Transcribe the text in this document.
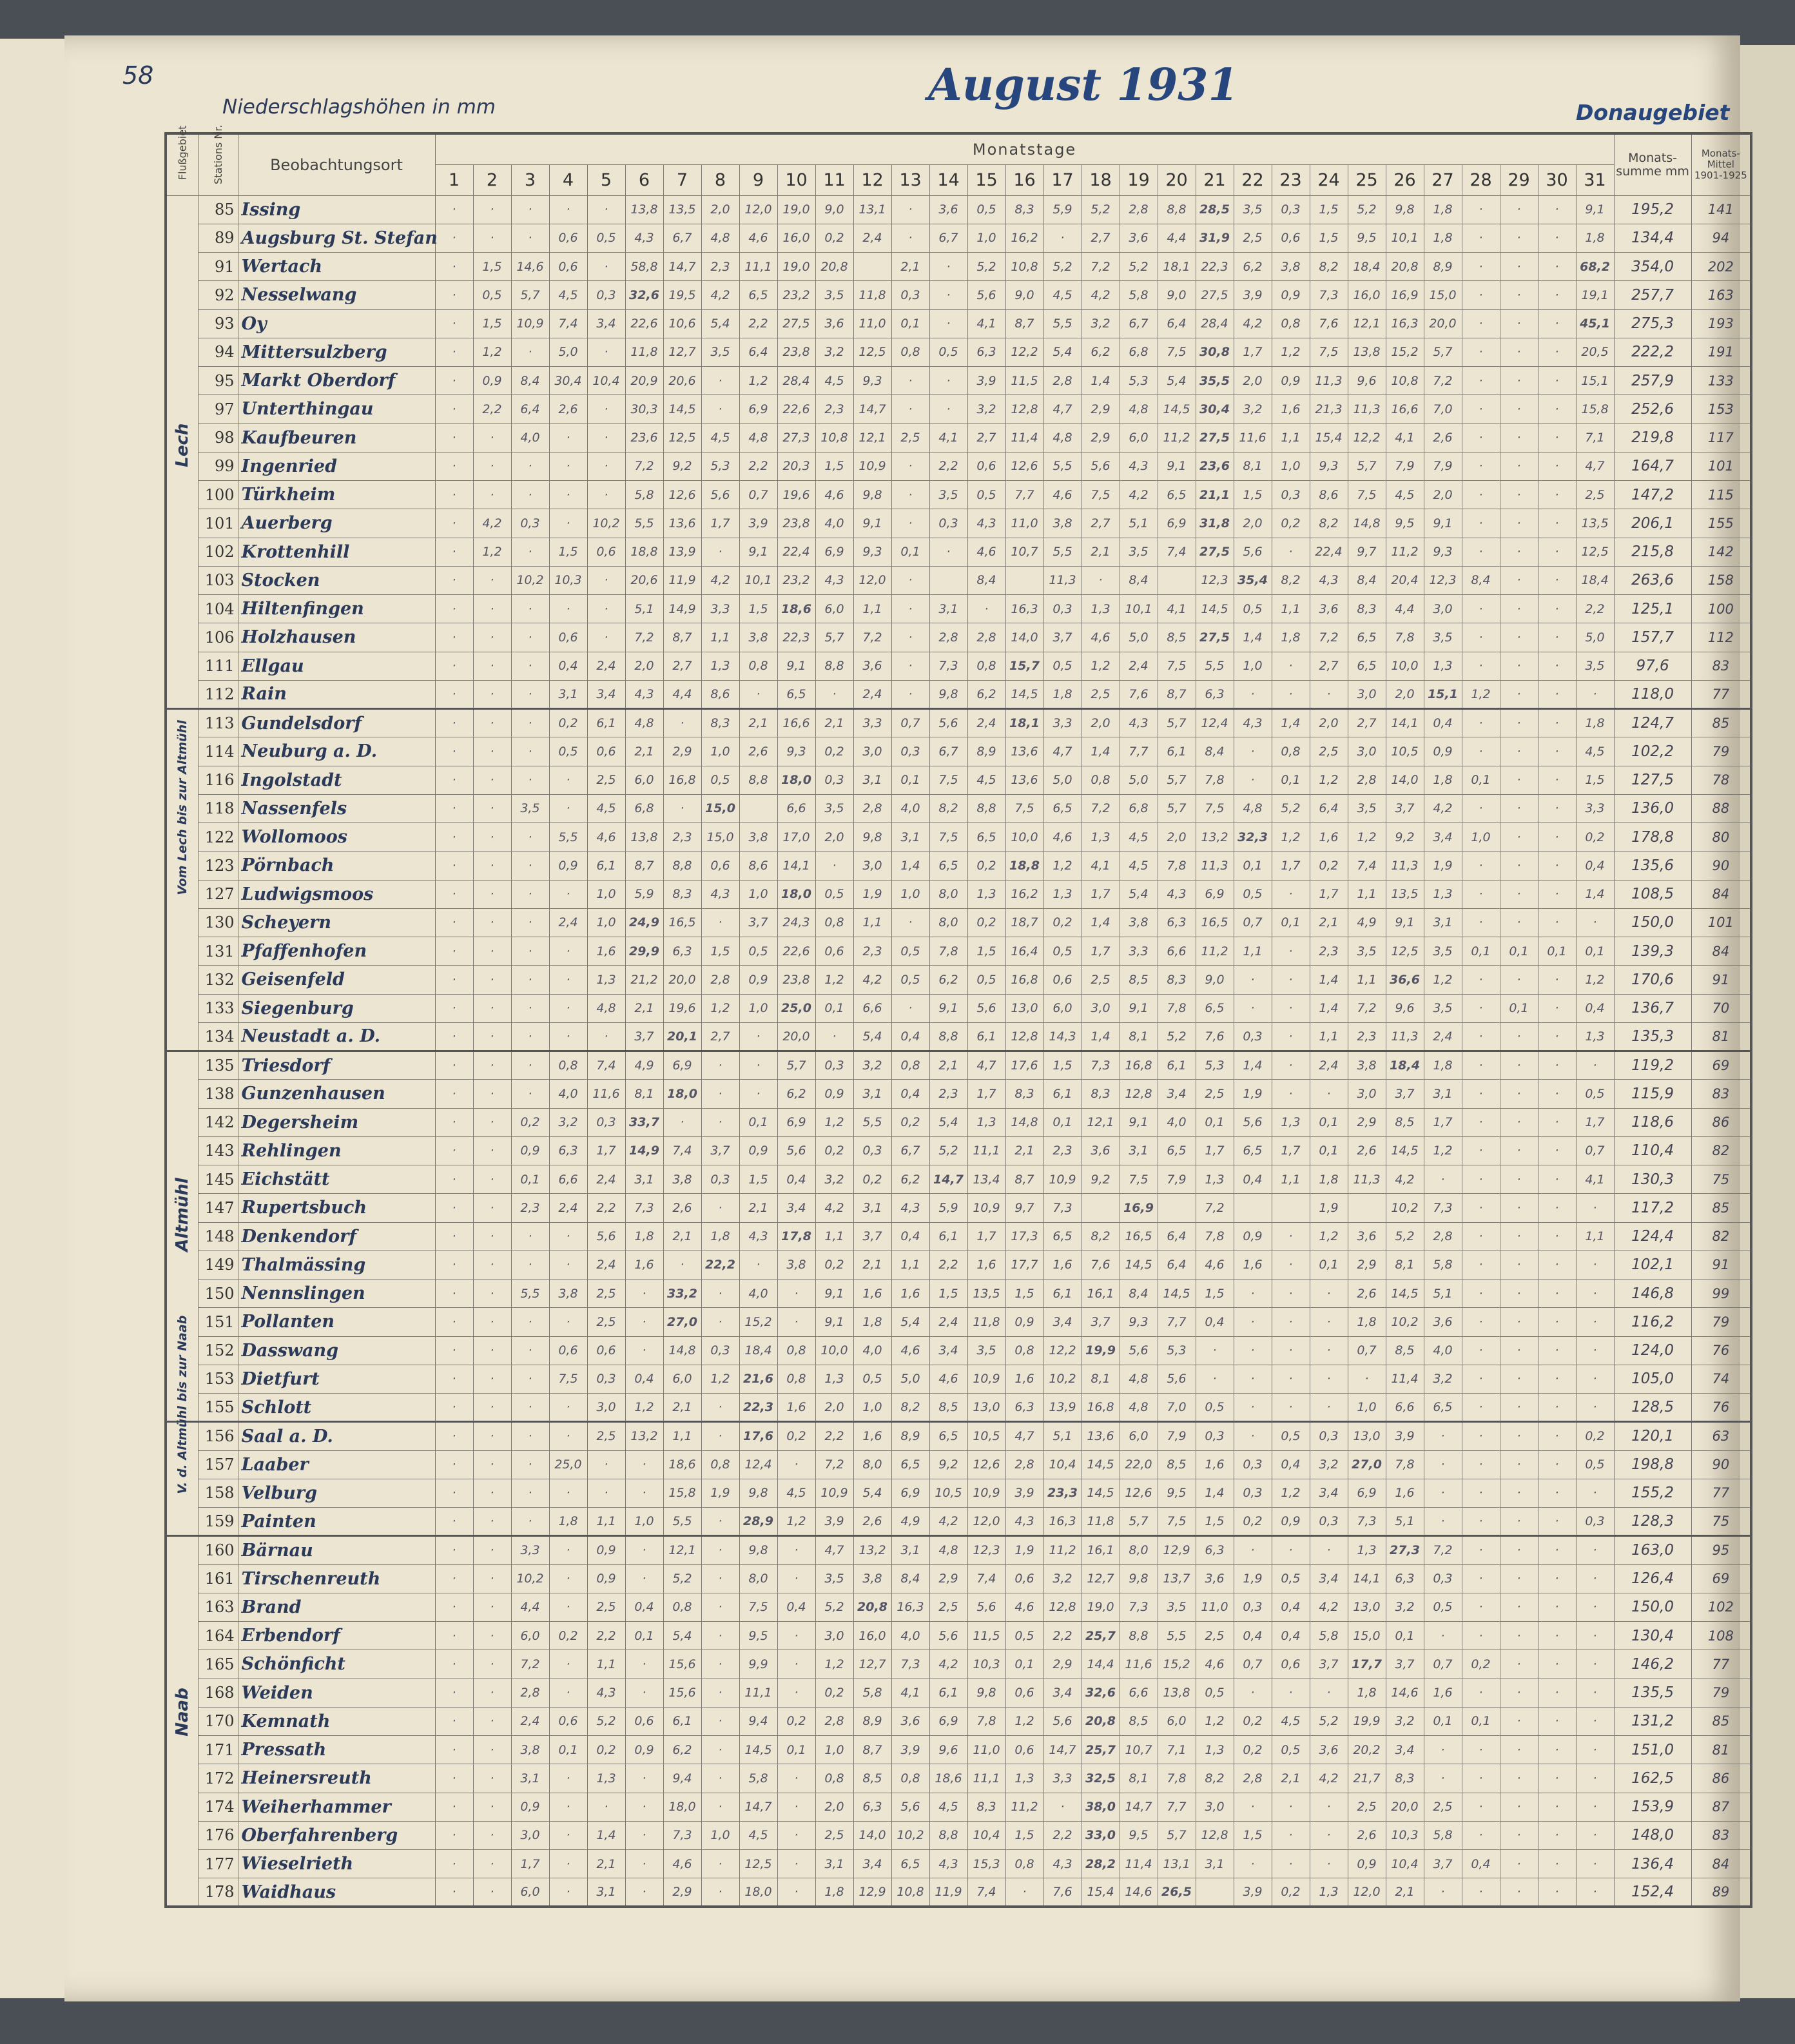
58
Niederschlagshöhen in mm	August 1931
Donaugebiet
Flußgebiet	Stations Nr.	Beobachtungsort	Monatstage																															Monats-summe mm	Monats-Mittel
1901-1925

			1	2	3	4	5	6	7	8	9	10	11	12	13	14	15	16	17	18	19	20	21	22	23	24	25	26	27	28	29	30	31		

Lech	85	Issing	·	·	·	·	·	13,8	13,5	2,0	12,0	19,0	9,0	13,1	·	3,6	0,5	8,3	5,9	5,2	2,8	8,8	28,5	3,5	0,3	1,5	5,2	9,8	1,8	·	·	·	9,1	195,2	141
	89	Augsburg St. Stefan	·	·	·	0,6	0,5	4,3	6,7	4,8	4,6	16,0	0,2	2,4	·	6,7	1,0	16,2	·	2,7	3,6	4,4	31,9	2,5	0,6	1,5	9,5	10,1	1,8	·	·	·	1,8	134,4	94
	91	Wertach	·	1,5	14,6	0,6	·	58,8	14,7	2,3	11,1	19,0	20,8		2,1	·	5,2	10,8	5,2	7,2	5,2	18,1	22,3	6,2	3,8	8,2	18,4	20,8	8,9	·	·	·	68,2	354,0	202
	92	Nesselwang	·	0,5	5,7	4,5	0,3	32,6	19,5	4,2	6,5	23,2	3,5	11,8	0,3	·	5,6	9,0	4,5	4,2	5,8	9,0	27,5	3,9	0,9	7,3	16,0	16,9	15,0	·	·	·	19,1	257,7	163
	93	Oy	·	1,5	10,9	7,4	3,4	22,6	10,6	5,4	2,2	27,5	3,6	11,0	0,1	·	4,1	8,7	5,5	3,2	6,7	6,4	28,4	4,2	0,8	7,6	12,1	16,3	20,0	·	·	·	45,1	275,3	193
	94	Mittersulzberg	·	1,2	·	5,0	·	11,8	12,7	3,5	6,4	23,8	3,2	12,5	0,8	0,5	6,3	12,2	5,4	6,2	6,8	7,5	30,8	1,7	1,2	7,5	13,8	15,2	5,7	·	·	·	20,5	222,2	191
	95	Markt Oberdorf	·	0,9	8,4	30,4	10,4	20,9	20,6	·	1,2	28,4	4,5	9,3	·	·	3,9	11,5	2,8	1,4	5,3	5,4	35,5	2,0	0,9	11,3	9,6	10,8	7,2	·	·	·	15,1	257,9	133
	97	Unterthingau	·	2,2	6,4	2,6	·	30,3	14,5	·	6,9	22,6	2,3	14,7	·	·	3,2	12,8	4,7	2,9	4,8	14,5	30,4	3,2	1,6	21,3	11,3	16,6	7,0	·	·	·	15,8	252,6	153
	98	Kaufbeuren	·	·	4,0	·	·	23,6	12,5	4,5	4,8	27,3	10,8	12,1	2,5	4,1	2,7	11,4	4,8	2,9	6,0	11,2	27,5	11,6	1,1	15,4	12,2	4,1	2,6	·	·	·	7,1	219,8	117
	99	Ingenried	·	·	·	·	·	7,2	9,2	5,3	2,2	20,3	1,5	10,9	·	2,2	0,6	12,6	5,5	5,6	4,3	9,1	23,6	8,1	1,0	9,3	5,7	7,9	7,9	·	·	·	4,7	164,7	101
	100	Türkheim	·	·	·	·	·	5,8	12,6	5,6	0,7	19,6	4,6	9,8	·	3,5	0,5	7,7	4,6	7,5	4,2	6,5	21,1	1,5	0,3	8,6	7,5	4,5	2,0	·	·	·	2,5	147,2	115
	101	Auerberg	·	4,2	0,3	·	10,2	5,5	13,6	1,7	3,9	23,8	4,0	9,1	·	0,3	4,3	11,0	3,8	2,7	5,1	6,9	31,8	2,0	0,2	8,2	14,8	9,5	9,1	·	·	·	13,5	206,1	155
	102	Krottenhill	·	1,2	·	1,5	0,6	18,8	13,9	·	9,1	22,4	6,9	9,3	0,1	·	4,6	10,7	5,5	2,1	3,5	7,4	27,5	5,6	·	22,4	9,7	11,2	9,3	·	·	·	12,5	215,8	142
	103	Stocken	·	·	10,2	10,3	·	20,6	11,9	4,2	10,1	23,2	4,3	12,0	·		8,4		11,3	·	8,4		12,3	35,4	8,2	4,3	8,4	20,4	12,3	8,4	·	·	18,4	263,6	158
	104	Hiltenfingen	·	·	·	·	·	5,1	14,9	3,3	1,5	18,6	6,0	1,1	·	3,1	·	16,3	0,3	1,3	10,1	4,1	14,5	0,5	1,1	3,6	8,3	4,4	3,0	·	·	·	2,2	125,1	100
	106	Holzhausen	·	·	·	0,6	·	7,2	8,7	1,1	3,8	22,3	5,7	7,2	·	2,8	2,8	14,0	3,7	4,6	5,0	8,5	27,5	1,4	1,8	7,2	6,5	7,8	3,5	·	·	·	5,0	157,7	112
	111	Ellgau	·	·	·	0,4	2,4	2,0	2,7	1,3	0,8	9,1	8,8	3,6	·	7,3	0,8	15,7	0,5	1,2	2,4	7,5	5,5	1,0	·	2,7	6,5	10,0	1,3	·	·	·	3,5	97,6	83
	112	Rain	·	·	·	3,1	3,4	4,3	4,4	8,6	·	6,5	·	2,4	·	9,8	6,2	14,5	1,8	2,5	7,6	8,7	6,3	·	·	·	3,0	2,0	15,1	1,2	·	·	·	118,0	77

Vom Lech bis zur Altmühl	113	Gundelsdorf	·	·	·	0,2	6,1	4,8	·	8,3	2,1	16,6	2,1	3,3	0,7	5,6	2,4	18,1	3,3	2,0	4,3	5,7	12,4	4,3	1,4	2,0	2,7	14,1	0,4	·	·	·	1,8	124,7	85
	114	Neuburg a. D.	·	·	·	0,5	0,6	2,1	2,9	1,0	2,6	9,3	0,2	3,0	0,3	6,7	8,9	13,6	4,7	1,4	7,7	6,1	8,4	·	0,8	2,5	3,0	10,5	0,9	·	·	·	4,5	102,2	79
	116	Ingolstadt	·	·	·	·	2,5	6,0	16,8	0,5	8,8	18,0	0,3	3,1	0,1	7,5	4,5	13,6	5,0	0,8	5,0	5,7	7,8	·	0,1	1,2	2,8	14,0	1,8	0,1	·	·	1,5	127,5	78
	118	Nassenfels	·	·	3,5	·	4,5	6,8	·	15,0		6,6	3,5	2,8	4,0	8,2	8,8	7,5	6,5	7,2	6,8	5,7	7,5	4,8	5,2	6,4	3,5	3,7	4,2	·	·	·	3,3	136,0	88
	122	Wollomoos	·	·	·	5,5	4,6	13,8	2,3	15,0	3,8	17,0	2,0	9,8	3,1	7,5	6,5	10,0	4,6	1,3	4,5	2,0	13,2	32,3	1,2	1,6	1,2	9,2	3,4	1,0	·	·	0,2	178,8	80
	123	Pörnbach	·	·	·	0,9	6,1	8,7	8,8	0,6	8,6	14,1	·	3,0	1,4	6,5	0,2	18,8	1,2	4,1	4,5	7,8	11,3	0,1	1,7	0,2	7,4	11,3	1,9	·	·	·	0,4	135,6	90
	127	Ludwigsmoos	·	·	·	·	1,0	5,9	8,3	4,3	1,0	18,0	0,5	1,9	1,0	8,0	1,3	16,2	1,3	1,7	5,4	4,3	6,9	0,5	·	1,7	1,1	13,5	1,3	·	·	·	1,4	108,5	84
	130	Scheyern	·	·	·	2,4	1,0	24,9	16,5	·	3,7	24,3	0,8	1,1	·	8,0	0,2	18,7	0,2	1,4	3,8	6,3	16,5	0,7	0,1	2,1	4,9	9,1	3,1	·	·	·	·	150,0	101
	131	Pfaffenhofen	·	·	·	·	1,6	29,9	6,3	1,5	0,5	22,6	0,6	2,3	0,5	7,8	1,5	16,4	0,5	1,7	3,3	6,6	11,2	1,1	·	2,3	3,5	12,5	3,5	0,1	0,1	0,1	0,1	139,3	84
	132	Geisenfeld	·	·	·	·	1,3	21,2	20,0	2,8	0,9	23,8	1,2	4,2	0,5	6,2	0,5	16,8	0,6	2,5	8,5	8,3	9,0	·	·	1,4	1,1	36,6	1,2	·	·	·	1,2	170,6	91
	133	Siegenburg	·	·	·	·	4,8	2,1	19,6	1,2	1,0	25,0	0,1	6,6	·	9,1	5,6	13,0	6,0	3,0	9,1	7,8	6,5	·	·	1,4	7,2	9,6	3,5	·	0,1	·	0,4	136,7	70
	134	Neustadt a. D.	·	·	·	·	·	3,7	20,1	2,7	·	20,0	·	5,4	0,4	8,8	6,1	12,8	14,3	1,4	8,1	5,2	7,6	0,3	·	1,1	2,3	11,3	2,4	·	·	·	1,3	135,3	81

Altmühl	135	Triesdorf	·	·	·	0,8	7,4	4,9	6,9	·	·	5,7	0,3	3,2	0,8	2,1	4,7	17,6	1,5	7,3	16,8	6,1	5,3	1,4	·	2,4	3,8	18,4	1,8	·	·	·	·	119,2	69
	138	Gunzenhausen	·	·	·	4,0	11,6	8,1	18,0	·	·	6,2	0,9	3,1	0,4	2,3	1,7	8,3	6,1	8,3	12,8	3,4	2,5	1,9	·	·	3,0	3,7	3,1	·	·	·	0,5	115,9	83
	142	Degersheim	·	·	0,2	3,2	0,3	33,7	·	·	0,1	6,9	1,2	5,5	0,2	5,4	1,3	14,8	0,1	12,1	9,1	4,0	0,1	5,6	1,3	0,1	2,9	8,5	1,7	·	·	·	1,7	118,6	86
	143	Rehlingen	·	·	0,9	6,3	1,7	14,9	7,4	3,7	0,9	5,6	0,2	0,3	6,7	5,2	11,1	2,1	2,3	3,6	3,1	6,5	1,7	6,5	1,7	0,1	2,6	14,5	1,2	·	·	·	0,7	110,4	82
	145	Eichstätt	·	·	0,1	6,6	2,4	3,1	3,8	0,3	1,5	0,4	3,2	0,2	6,2	14,7	13,4	8,7	10,9	9,2	7,5	7,9	1,3	0,4	1,1	1,8	11,3	4,2	·	·	·	·	4,1	130,3	75
	147	Rupertsbuch	·	·	2,3	2,4	2,2	7,3	2,6	·	2,1	3,4	4,2	3,1	4,3	5,9	10,9	9,7	7,3		16,9		7,2			1,9		10,2	7,3	·	·	·	·	117,2	85
	148	Denkendorf	·	·	·	·	5,6	1,8	2,1	1,8	4,3	17,8	1,1	3,7	0,4	6,1	1,7	17,3	6,5	8,2	16,5	6,4	7,8	0,9	·	1,2	3,6	5,2	2,8	·	·	·	1,1	124,4	82
	149	Thalmässing	·	·	·	·	2,4	1,6	·	22,2	·	3,8	0,2	2,1	1,1	2,2	1,6	17,7	1,6	7,6	14,5	6,4	4,6	1,6	·	0,1	2,9	8,1	5,8	·	·	·	·	102,1	91
	150	Nennslingen	·	·	5,5	3,8	2,5	·	33,2	·	4,0	·	9,1	1,6	1,6	1,5	13,5	1,5	6,1	16,1	8,4	14,5	1,5	·	·	·	2,6	14,5	5,1	·	·	·	·	146,8	99
	151	Pollanten	·	·	·	·	2,5	·	27,0	·	15,2	·	9,1	1,8	5,4	2,4	11,8	0,9	3,4	3,7	9,3	7,7	0,4	·	·	·	1,8	10,2	3,6	·	·	·	·	116,2	79
	152	Dasswang	·	·	·	0,6	0,6	·	14,8	0,3	18,4	0,8	10,0	4,0	4,6	3,4	3,5	0,8	12,2	19,9	5,6	5,3	·	·	·	·	0,7	8,5	4,0	·	·	·	·	124,0	76
	153	Dietfurt	·	·	·	7,5	0,3	0,4	6,0	1,2	21,6	0,8	1,3	0,5	5,0	4,6	10,9	1,6	10,2	8,1	4,8	5,6	·	·	·	·	·	11,4	3,2	·	·	·	·	105,0	74
	155	Schlott	·	·	·	·	3,0	1,2	2,1	·	22,3	1,6	2,0	1,0	8,2	8,5	13,0	6,3	13,9	16,8	4,8	7,0	0,5	·	·	·	1,0	6,6	6,5	·	·	·	·	128,5	76

V. d. Altmühl bis zur Naab	156	Saal a. D.	·	·	·	·	2,5	13,2	1,1	·	17,6	0,2	2,2	1,6	8,9	6,5	10,5	4,7	5,1	13,6	6,0	7,9	0,3	·	0,5	0,3	13,0	3,9	·	·	·	·	0,2	120,1	63
	157	Laaber	·	·	·	25,0	·	·	18,6	0,8	12,4	·	7,2	8,0	6,5	9,2	12,6	2,8	10,4	14,5	22,0	8,5	1,6	0,3	0,4	3,2	27,0	7,8	·	·	·	·	0,5	198,8	90
	158	Velburg	·	·	·	·	·	·	15,8	1,9	9,8	4,5	10,9	5,4	6,9	10,5	10,9	3,9	23,3	14,5	12,6	9,5	1,4	0,3	1,2	3,4	6,9	1,6	·	·	·	·	·	155,2	77
	159	Painten	·	·	·	1,8	1,1	1,0	5,5	·	28,9	1,2	3,9	2,6	4,9	4,2	12,0	4,3	16,3	11,8	5,7	7,5	1,5	0,2	0,9	0,3	7,3	5,1	·	·	·	·	0,3	128,3	75

Naab	160	Bärnau	·	·	3,3	·	0,9	·	12,1	·	9,8	·	4,7	13,2	3,1	4,8	12,3	1,9	11,2	16,1	8,0	12,9	6,3	·	·	·	1,3	27,3	7,2	·	·	·	·	163,0	95
	161	Tirschenreuth	·	·	10,2	·	0,9	·	5,2	·	8,0	·	3,5	3,8	8,4	2,9	7,4	0,6	3,2	12,7	9,8	13,7	3,6	1,9	0,5	3,4	14,1	6,3	0,3	·	·	·	·	126,4	69
	163	Brand	·	·	4,4	·	2,5	0,4	0,8	·	7,5	0,4	5,2	20,8	16,3	2,5	5,6	4,6	12,8	19,0	7,3	3,5	11,0	0,3	0,4	4,2	13,0	3,2	0,5	·	·	·	·	150,0	102
	164	Erbendorf	·	·	6,0	0,2	2,2	0,1	5,4	·	9,5	·	3,0	16,0	4,0	5,6	11,5	0,5	2,2	25,7	8,8	5,5	2,5	0,4	0,4	5,8	15,0	0,1	·	·	·	·	·	130,4	108
	165	Schönficht	·	·	7,2	·	1,1	·	15,6	·	9,9	·	1,2	12,7	7,3	4,2	10,3	0,1	2,9	14,4	11,6	15,2	4,6	0,7	0,6	3,7	17,7	3,7	0,7	0,2	·	·	·	146,2	77
	168	Weiden	·	·	2,8	·	4,3	·	15,6	·	11,1	·	0,2	5,8	4,1	6,1	9,8	0,6	3,4	32,6	6,6	13,8	0,5	·	·	·	1,8	14,6	1,6	·	·	·	·	135,5	79
	170	Kemnath	·	·	2,4	0,6	5,2	0,6	6,1	·	9,4	0,2	2,8	8,9	3,6	6,9	7,8	1,2	5,6	20,8	8,5	6,0	1,2	0,2	4,5	5,2	19,9	3,2	0,1	0,1	·	·	·	131,2	85
	171	Pressath	·	·	3,8	0,1	0,2	0,9	6,2	·	14,5	0,1	1,0	8,7	3,9	9,6	11,0	0,6	14,7	25,7	10,7	7,1	1,3	0,2	0,5	3,6	20,2	3,4	·	·	·	·	·	151,0	81
	172	Heinersreuth	·	·	3,1	·	1,3	·	9,4	·	5,8	·	0,8	8,5	0,8	18,6	11,1	1,3	3,3	32,5	8,1	7,8	8,2	2,8	2,1	4,2	21,7	8,3	·	·	·	·	·	162,5	86
	174	Weiherhammer	·	·	0,9	·	·	·	18,0	·	14,7	·	2,0	6,3	5,6	4,5	8,3	11,2	·	38,0	14,7	7,7	3,0	·	·	·	2,5	20,0	2,5	·	·	·	·	153,9	87
	176	Oberfahrenberg	·	·	3,0	·	1,4	·	7,3	1,0	4,5	·	2,5	14,0	10,2	8,8	10,4	1,5	2,2	33,0	9,5	5,7	12,8	1,5	·	·	2,6	10,3	5,8	·	·	·	·	148,0	83
	177	Wieselrieth	·	·	1,7	·	2,1	·	4,6	·	12,5	·	3,1	3,4	6,5	4,3	15,3	0,8	4,3	28,2	11,4	13,1	3,1	·	·	·	0,9	10,4	3,7	0,4	·	·	·	136,4	84
	178	Waidhaus	·	·	6,0	·	3,1	·	2,9	·	18,0	·	1,8	12,9	10,8	11,9	7,4	·	7,6	15,4	14,6	26,5		3,9	0,2	1,3	12,0	2,1	·	·	·	·	·	152,4	89
